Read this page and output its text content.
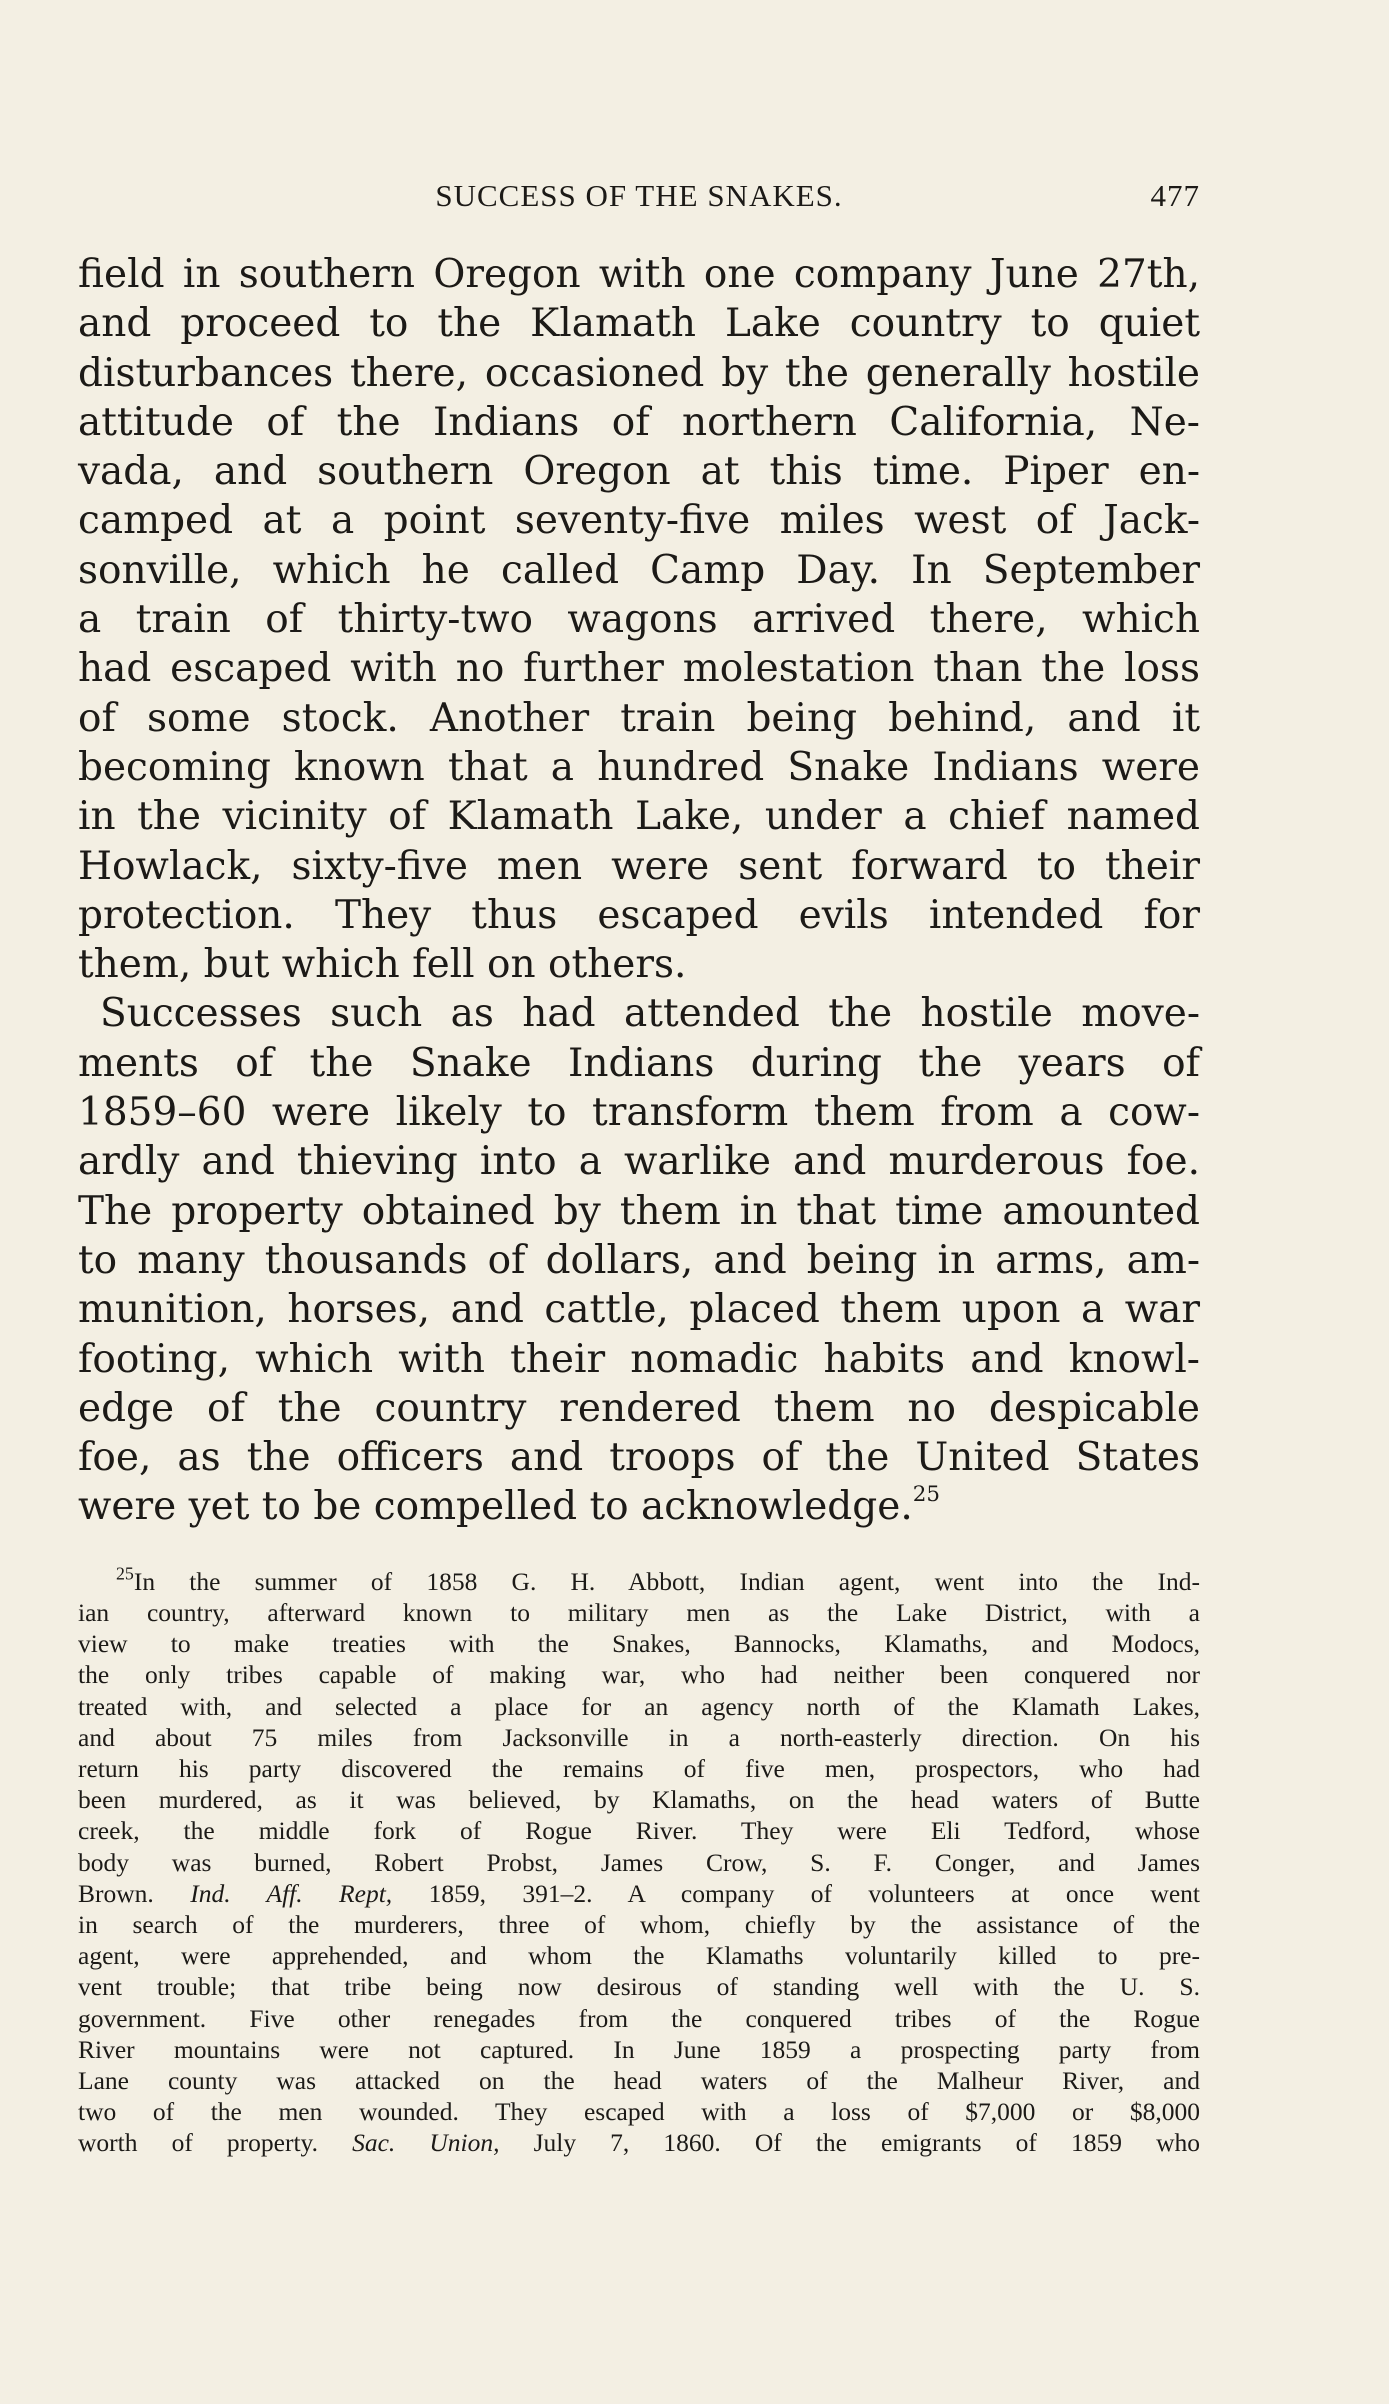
SUCCESS OF THE SNAKES.	477
field in southern Oregon with one company June 27th,
and proceed to the Klamath Lake country to quiet
disturbances there, occasioned by the generally hostile
attitude of the Indians of northern California, Ne-
vada, and southern Oregon at this time. Piper en-
camped at a point seventy-five miles west of Jack-
sonville, which he called Camp Day. In September
a train of thirty-two wagons arrived there, which
had escaped with no further molestation than the loss
of some stock. Another train being behind, and it
becoming known that a hundred Snake Indians were
in the vicinity of Klamath Lake, under a chief named
Howlack, sixty-five men were sent forward to their
protection. They thus escaped evils intended for
them, but which fell on others.
Successes such as had attended the hostile move-
ments of the Snake Indians during the years of
1859–60 were likely to transform them from a cow-
ardly and thieving into a warlike and murderous foe.
The property obtained by them in that time amounted
to many thousands of dollars, and being in arms, am-
munition, horses, and cattle, placed them upon a war
footing, which with their nomadic habits and knowl-
edge of the country rendered them no despicable
foe, as the officers and troops of the United States
were yet to be compelled to acknowledge.$^{25}$
$^{25}$In the summer of 1858 G. H. Abbott, Indian agent, went into the Ind-
ian country, afterward known to military men as the Lake District, with a
view to make treaties with the Snakes, Bannocks, Klamaths, and Modocs,
the only tribes capable of making war, who had neither been conquered nor
treated with, and selected a place for an agency north of the Klamath Lakes,
and about 75 miles from Jacksonville in a north-easterly direction. On his
return his party discovered the remains of five men, prospectors, who had
been murdered, as it was believed, by Klamaths, on the head waters of Butte
creek, the middle fork of Rogue River. They were Eli Tedford, whose
body was burned, Robert Probst, James Crow, S. F. Conger, and James
Brown. Ind. Aff. Rept, 1859, 391–2. A company of volunteers at once went
in search of the murderers, three of whom, chiefly by the assistance of the
agent, were apprehended, and whom the Klamaths voluntarily killed to pre-
vent trouble; that tribe being now desirous of standing well with the U. S.
government. Five other renegades from the conquered tribes of the Rogue
River mountains were not captured. In June 1859 a prospecting party from
Lane county was attacked on the head waters of the Malheur River, and
two of the men wounded. They escaped with a loss of $7,000 or $8,000
worth of property. Sac. Union, July 7, 1860. Of the emigrants of 1859 who
